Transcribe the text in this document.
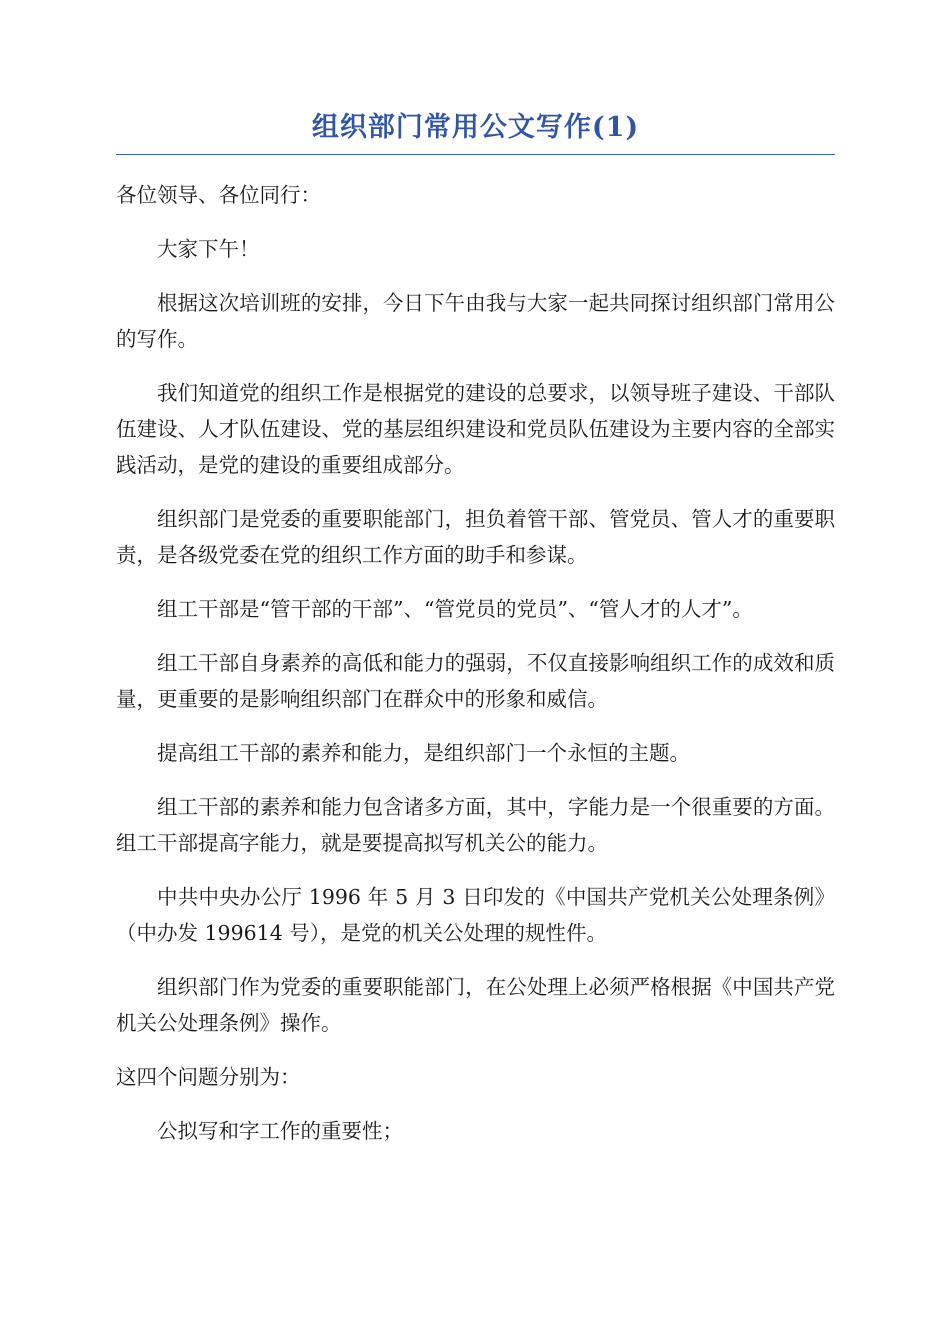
组织部门常用公文写作(1)

各位领导、各位同行：

大家下午！

根据这次培训班的安排，今日下午由我与大家一起共同探讨组织部门常用公的写作。

我们知道党的组织工作是根据党的建设的总要求，以领导班子建设、干部队伍建设、人才队伍建设、党的基层组织建设和党员队伍建设为主要内容的全部实践活动，是党的建设的重要组成部分。

组织部门是党委的重要职能部门，担负着管干部、管党员、管人才的重要职责，是各级党委在党的组织工作方面的助手和参谋。

组工干部是“管干部的干部”、“管党员的党员”、“管人才的人才”。

组工干部自身素养的高低和能力的强弱，不仅直接影响组织工作的成效和质量，更重要的是影响组织部门在群众中的形象和威信。

提高组工干部的素养和能力，是组织部门一个永恒的主题。

组工干部的素养和能力包含诸多方面，其中，字能力是一个很重要的方面。组工干部提高字能力，就是要提高拟写机关公的能力。

中共中央办公厅 1996 年 5 月 3 日印发的《中国共产党机关公处理条例》（中办发 199614 号），是党的机关公处理的规性件。

组织部门作为党委的重要职能部门，在公处理上必须严格根据《中国共产党机关公处理条例》操作。

这四个问题分别为：

公拟写和字工作的重要性；
